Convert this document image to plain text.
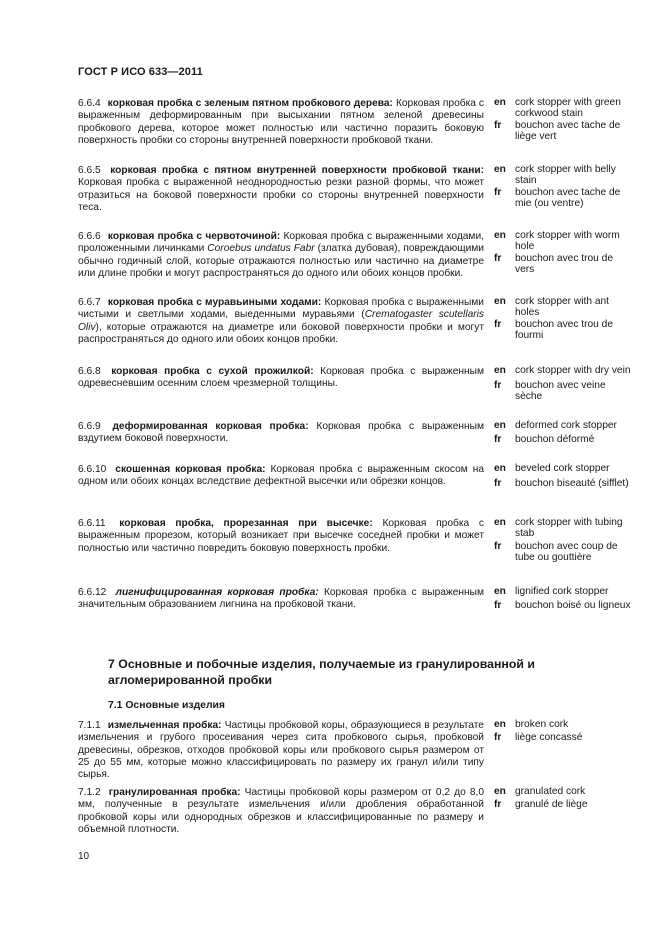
ГОСТ Р ИСО 633—2011
6.6.4 корковая пробка с зеленым пятном пробкового дерева: Корковая пробка с выраженным деформированным при высыхании пятном зеленой древесины пробкового дерева, которое может полностью или частично поразить боковую поверхность пробки со стороны внутренней поверхности пробковой ткани.
en cork stopper with green corkwood stain
fr	bouchon avec tache de liège vert
6.6.5 корковая пробка с пятном внутренней поверхности пробковой ткани: Корковая пробка с выраженной неоднородностью резки разной формы, что может отразиться на боковой поверхности пробки со стороны внутренней поверхности теса.
en cork stopper with belly stain
fr	bouchon avec tache de mie (ou ventre)
6.6.6 корковая пробка с червоточиной: Корковая пробка с выраженными ходами, проложенными личинками Coroebus undatus Fabr (златка дубовая), повреждающими обычно годичный слой, которые отражаются полностью или частично на диаметре или длине пробки и могут распространяться до одного или обоих концов пробки.
en cork stopper with worm hole
fr	bouchon avec trou de vers
6.6.7 корковая пробка с муравьиными ходами: Корковая пробка с выраженными чистыми и светлыми ходами, выеденными муравьями (Crematogaster scutellaris Oliv), которые отражаются на диаметре или боковой поверхности пробки и могут распространяться до одного или обоих концов пробки.
en cork stopper with ant holes
fr	bouchon avec trou de fourmi
6.6.8 корковая пробка с сухой прожилкой: Корковая пробка с выраженным одревесневшим осенним слоем чрезмерной толщины.
en cork stopper with dry vein
fr	bouchon avec veine sèche
6.6.9 деформированная корковая пробка: Корковая пробка с выраженным вздутием боковой поверхности.
en deformed cork stopper
fr	bouchon déformé
6.6.10 скошенная корковая пробка: Корковая пробка с выраженным скосом на одном или обоих концах вследствие дефектной высечки или обрезки концов.
en beveled cork stopper
fr	bouchon biseauté (sifflet)
6.6.11 корковая пробка, прорезанная при высечке: Корковая пробка с выраженным прорезом, который возникает при высечке соседней пробки и может полностью или частично повредить боковую поверхность пробки.
en cork stopper with tubing stab
fr	bouchon avec coup de tube ou gouttière
6.6.12 лигнифицированная корковая пробка: Корковая пробка с выраженным значительным образованием лигнина на пробковой ткани.
en lignified cork stopper
fr	bouchon boisé ou ligneux
7 Основные и побочные изделия, получаемые из гранулированной и агломерированной пробки
7.1 Основные изделия
7.1.1 измельченная пробка: Частицы пробковой коры, образующиеся в результате измельчения и грубого просеивания через сита пробкового сырья, пробковой древесины, обрезков, отходов пробковой коры или пробкового сырья размером от 25 до 55 мм, которые можно классифицировать по размеру их гранул и/или типу сырья.
en broken cork
fr	liège concassé
7.1.2 гранулированная пробка: Частицы пробковой коры размером от 0,2 до 8,0 мм, полученные в результате измельчения и/или дробления обработанной пробковой коры или однородных обрезков и классифицированные по размеру и объемной плотности.
en granulated cork
fr	granulé de liège
10
